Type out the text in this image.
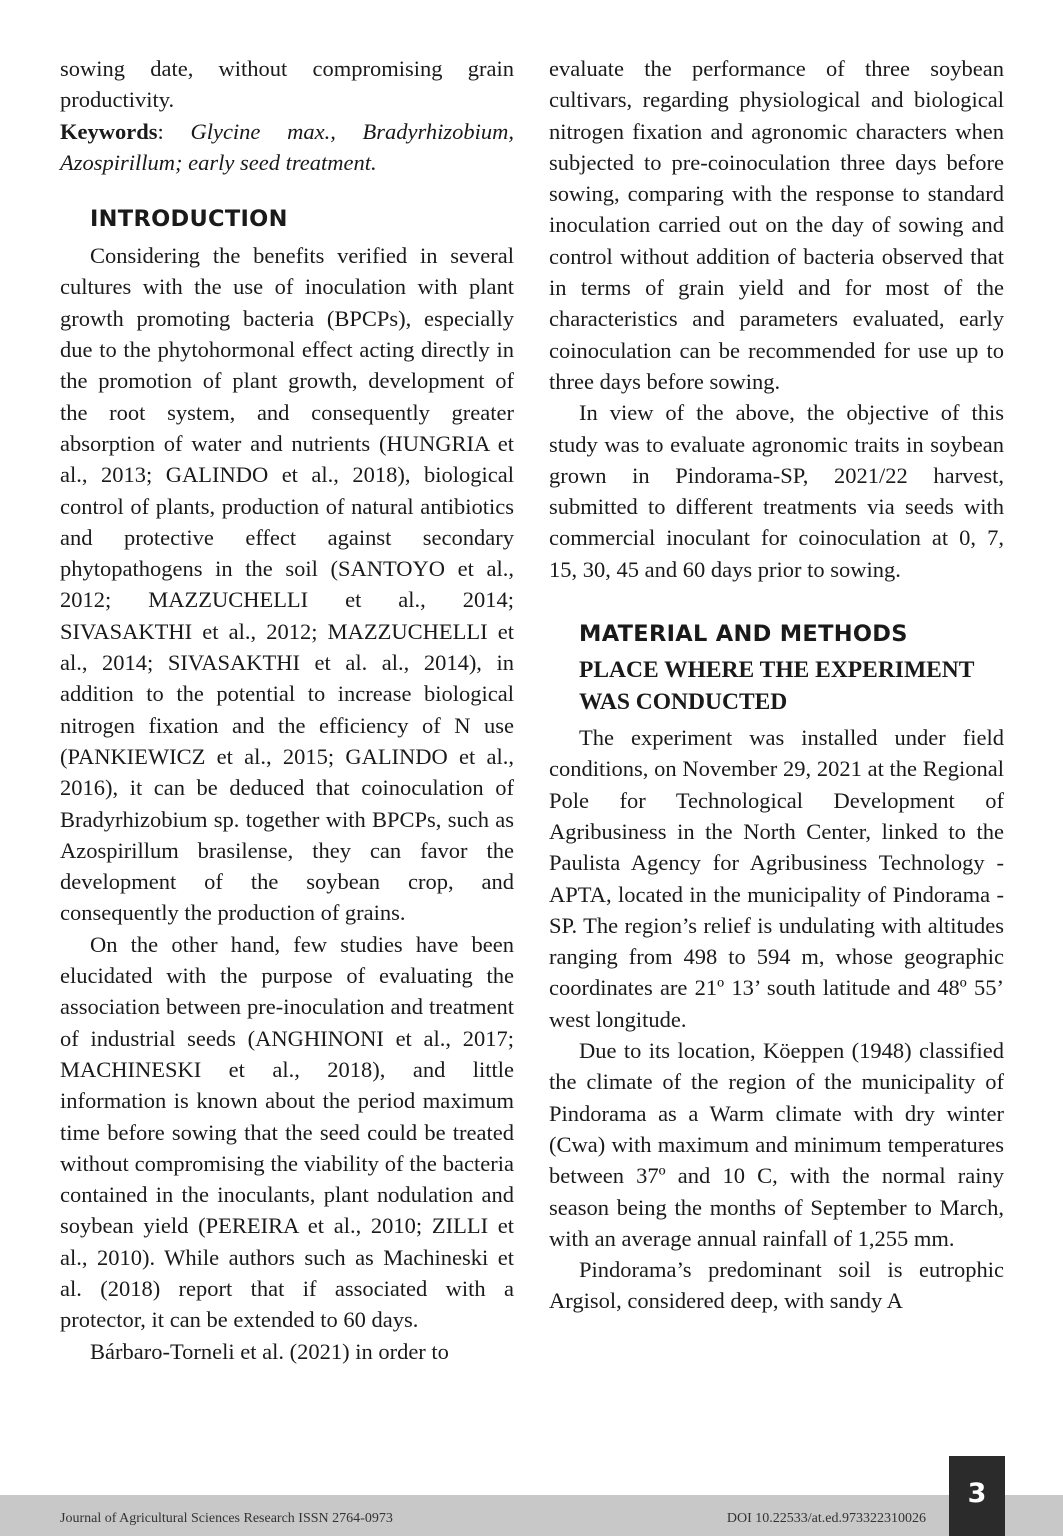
sowing date, without compromising grain productivity.

Keywords: Glycine max., Bradyrhizobium, Azospirillum; early seed treatment.

INTRODUCTION

Considering the benefits verified in several cultures with the use of inoculation with plant growth promoting bacteria (BPCPs), especially due to the phytohormonal effect acting directly in the promotion of plant growth, development of the root system, and consequently greater absorption of water and nutrients (HUNGRIA et al., 2013; GALINDO et al., 2018), biological control of plants, production of natural antibiotics and protective effect against secondary phytopathogens in the soil (SANTOYO et al., 2012; MAZZUCHELLI et al., 2014; SIVASAKTHI et al., 2012; MAZZUCHELLI et al., 2014; SIVASAKTHI et al. al., 2014), in addition to the potential to increase biological nitrogen fixation and the efficiency of N use (PANKIEWICZ et al., 2015; GALINDO et al., 2016), it can be deduced that coinoculation of Bradyrhizobium sp. together with BPCPs, such as Azospirillum brasilense, they can favor the development of the soybean crop, and consequently the production of grains.

On the other hand, few studies have been elucidated with the purpose of evaluating the association between pre-inoculation and treatment of industrial seeds (ANGHINONI et al., 2017; MACHINESKI et al., 2018), and little information is known about the period maximum time before sowing that the seed could be treated without compromising the viability of the bacteria contained in the inoculants, plant nodulation and soybean yield (PEREIRA et al., 2010; ZILLI et al., 2010). While authors such as Machineski et al. (2018) report that if associated with a protector, it can be extended to 60 days.

Bárbaro-Torneli et al. (2021) in order to

evaluate the performance of three soybean cultivars, regarding physiological and biological nitrogen fixation and agronomic characters when subjected to pre-coinoculation three days before sowing, comparing with the response to standard inoculation carried out on the day of sowing and control without addition of bacteria observed that in terms of grain yield and for most of the characteristics and parameters evaluated, early coinoculation can be recommended for use up to three days before sowing.

In view of the above, the objective of this study was to evaluate agronomic traits in soybean grown in Pindorama-SP, 2021/22 harvest, submitted to different treatments via seeds with commercial inoculant for coinoculation at 0, 7, 15, 30, 45 and 60 days prior to sowing.

MATERIAL AND METHODS
PLACE WHERE THE EXPERIMENT WAS CONDUCTED

The experiment was installed under field conditions, on November 29, 2021 at the Regional Pole for Technological Development of Agribusiness in the North Center, linked to the Paulista Agency for Agribusiness Technology -APTA, located in the municipality of Pindorama -SP. The region’s relief is undulating with altitudes ranging from 498 to 594 m, whose geographic coordinates are 21º 13’ south latitude and 48º 55’ west longitude.

Due to its location, Köeppen (1948) classified the climate of the region of the municipality of Pindorama as a Warm climate with dry winter (Cwa) with maximum and minimum temperatures between 37º and 10 C, with the normal rainy season being the months of September to March, with an average annual rainfall of 1,255 mm.

Pindorama’s predominant soil is eutrophic Argisol, considered deep, with sandy A

Journal of Agricultural Sciences Research ISSN 2764-0973	DOI 10.22533/at.ed.973322310026
3
